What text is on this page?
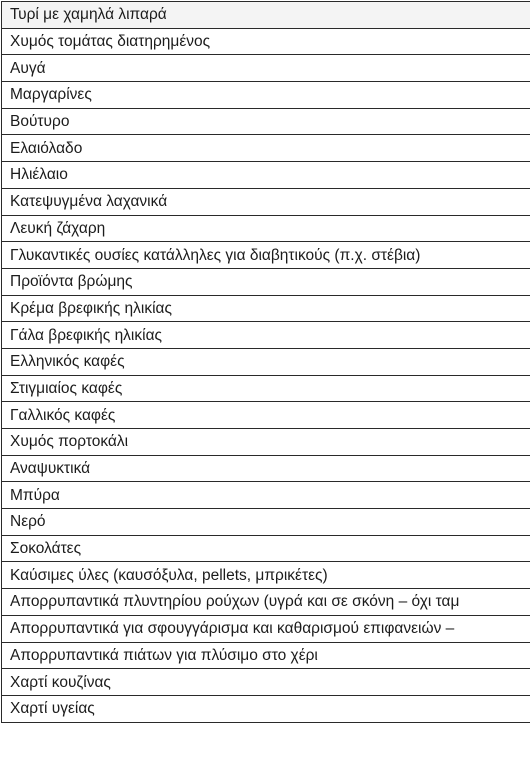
Τυρί με χαμηλά λιπαρά
Χυμός τομάτας διατηρημένος
Αυγά
Μαργαρίνες
Βούτυρο
Ελαιόλαδο
Ηλιέλαιο
Κατεψυγμένα λαχανικά
Λευκή ζάχαρη
Γλυκαντικές ουσίες κατάλληλες για διαβητικούς (π.χ. στέβια)
Προϊόντα βρώμης
Κρέμα βρεφικής ηλικίας
Γάλα βρεφικής ηλικίας
Ελληνικός καφές
Στιγμιαίος καφές
Γαλλικός καφές
Χυμός πορτοκάλι
Αναψυκτικά
Μπύρα
Νερό
Σοκολάτες
Καύσιμες ύλες (καυσόξυλα, pellets, μπρικέτες)
Απορρυπαντικά πλυντηρίου ρούχων (υγρά και σε σκόνη – όχι ταμ
Απορρυπαντικά για σφουγγάρισμα και καθαρισμού επιφανειών –
Απορρυπαντικά πιάτων για πλύσιμο στο χέρι
Χαρτί κουζίνας
Χαρτί υγείας
